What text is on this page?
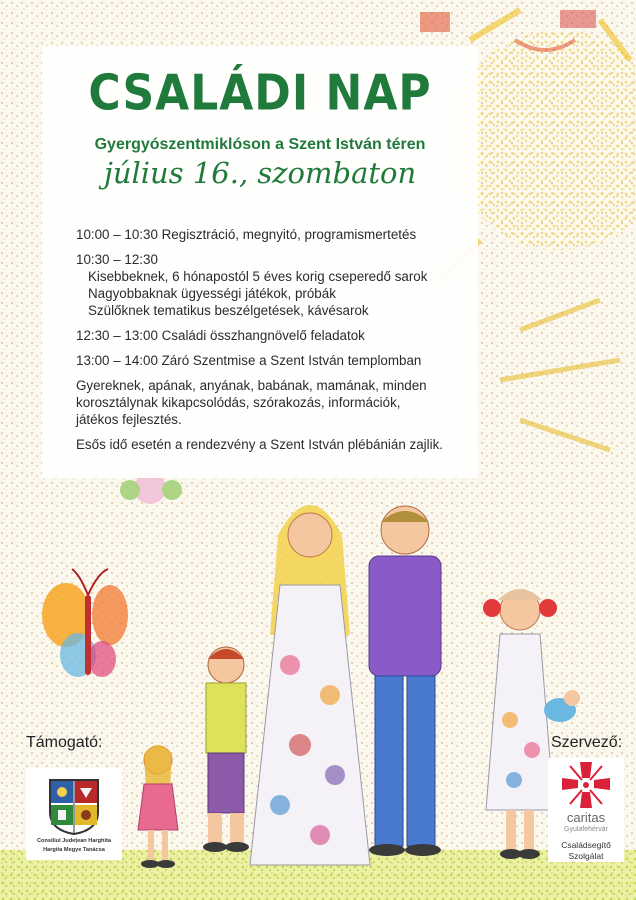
CSALÁDI NAP
Gyergyószentmiklóson a Szent István téren
július 16., szombaton
10:00 – 10:30 Regisztráció, megnyitó, programismertetés
10:30 – 12:30
Kisebbeknek, 6 hónapostól 5 éves korig cseperedő sarok
Nagyobbaknak ügyességi játékok, próbák
Szülőknek tematikus beszélgetések, kávésarok
12:30 – 13:00 Családi összhangnövelő feladatok
13:00 – 14:00 Záró Szentmise a Szent István templomban
Gyereknek, apának, anyának, babának, mamának, minden
korosztálynak kikapcsolódás, szórakozás, információk,
játékos fejlesztés.
Esős idő esetén a rendezvény a Szent István plébánián zajlik.
Támogató:
Consiliul Județean Harghita
Hargita Megye Tanácsa
Szervező:
caritas
Gyulafehérvár
Családsegítő
Szolgálat
